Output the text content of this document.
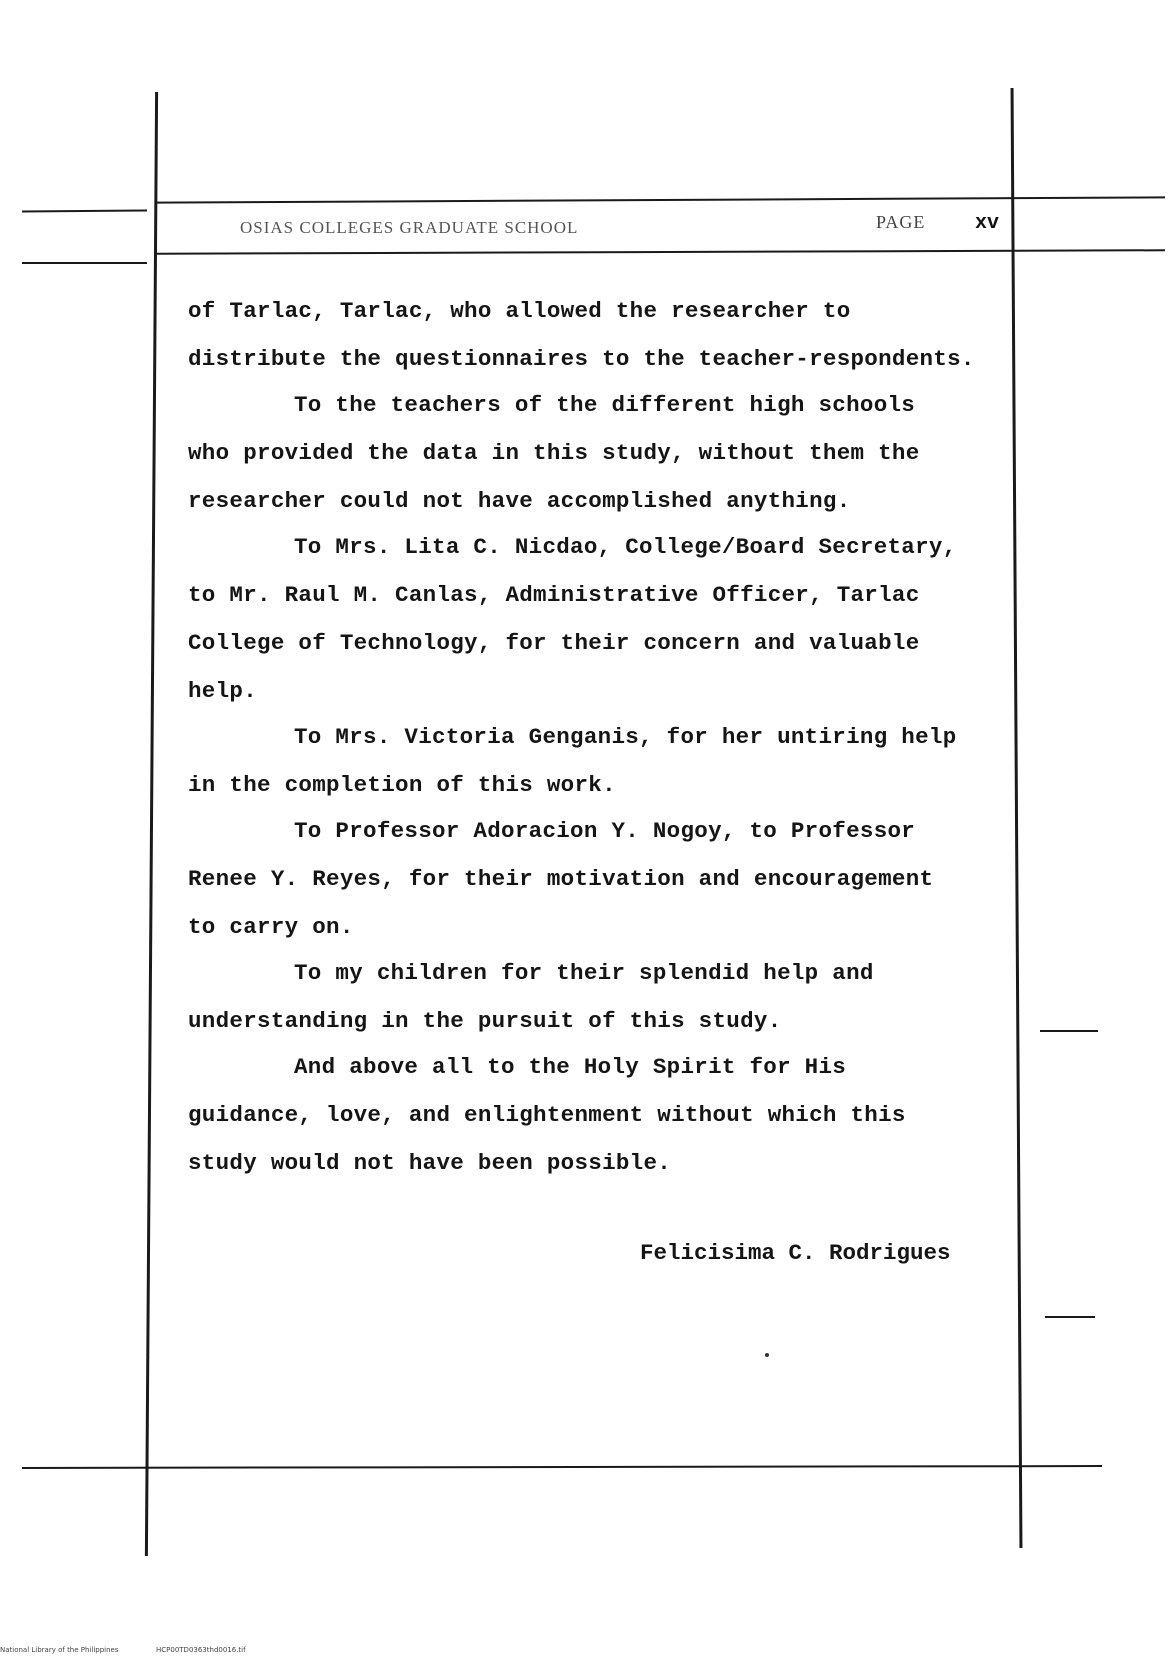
OSIAS COLLEGES GRADUATE SCHOOL	PAGE xv
of Tarlac, Tarlac, who allowed the researcher to
distribute the questionnaires to the teacher-respondents.
To the teachers of the different high schools
who provided the data in this study, without them the
researcher could not have accomplished anything.
To Mrs. Lita C. Nicdao, College/Board Secretary,
to Mr. Raul M. Canlas, Administrative Officer, Tarlac
College of Technology, for their concern and valuable
help.
To Mrs. Victoria Genganis, for her untiring help
in the completion of this work.
To Professor Adoracion Y. Nogoy, to Professor
Renee Y. Reyes, for their motivation and encouragement
to carry on.
To my children for their splendid help and
understanding in the pursuit of this study.
And above all to the Holy Spirit for His
guidance, love, and enlightenment without which this
study would not have been possible.
Felicisima C. Rodrigues
National Library of the Philippines	HCP00TD0363thd0016.tif
